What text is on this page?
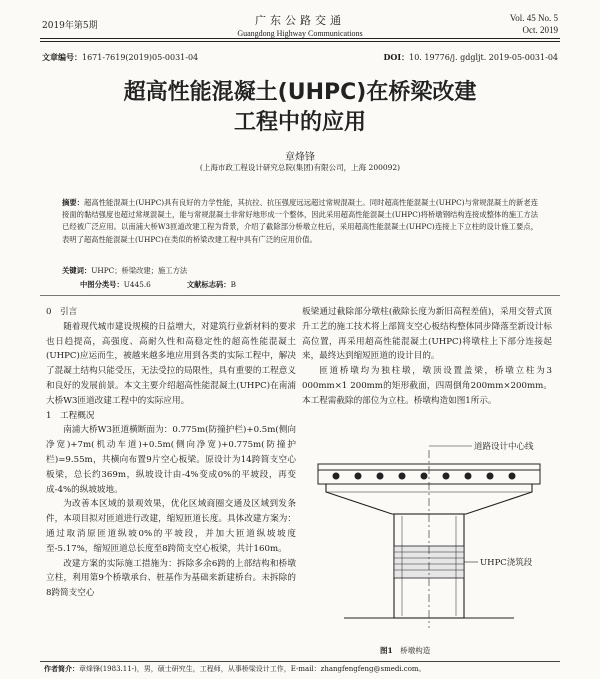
2019年第5期	广东公路交通
Guangdong Highway Communications
Vol. 45 No. 5
Oct. 2019
文章编号：1671-7619(2019)05-0031-04	DOI：10. 19776/j. gdgljt. 2019-05-0031-04
超高性能混凝土(UHPC)在桥梁改建
工程中的应用
章烽锋
(上海市政工程设计研究总院(集团)有限公司，上海 200092)
摘要：超高性能混凝土(UHPC)具有良好的力学性能，其抗拉、抗压强度远远超过常规混凝土。同时超高性能混凝土(UHPC)与常规混凝土的新老连接面的黏结强度也超过常规混凝土，能与常规混凝土非常好地形成一个整体，因此采用超高性能混凝土(UHPC)将桥墩钢结构连接成整体的施工方法已经被广泛应用。以南浦大桥W3匝道改建工程为背景，介绍了截除部分桥墩立柱后，采用超高性能混凝土(UHPC)连接上下立柱的设计施工要点，表明了超高性能混凝土(UHPC)在类似的桥梁改建工程中具有广泛的应用价值。
关键词：UHPC；桥梁改建；施工方法
中图分类号：U445.6	文献标志码：B
0　引言

随着现代城市建设规模的日益增大，对建筑行业新材料的要求也日趋提高，高强度、高耐久性和高稳定性的超高性能混凝土(UHPC)应运而生，被越来越多地应用到各类的实际工程中，解决了混凝土结构只能受压，无法受拉的局限性，具有重要的工程意义和良好的发展前景。本文主要介绍超高性能混凝土(UHPC)在南浦大桥W3匝道改建工程中的实际应用。

1　工程概况

南浦大桥W3匝道横断面为：0.775m(防撞护栏)+0.5m(侧向净宽)+7m(机动车道)+0.5m(侧向净宽)+0.775m(防撞护栏)=9.55m，共横向布置9片空心板梁。原设计为14跨简支空心板梁，总长约369m，纵坡设计由-4%变成0%的平坡段，再变成-4%的纵坡坡地。

为改善本区域的景观效果，优化区域商圈交通及区域到发条件，本项目拟对匝道进行改建，缩短匝道长度。具体改建方案为：通过取消原匝道纵坡0%的平坡段，并加大匝道纵坡坡度至-5.17%，缩短匝道总长度至8跨简支空心板梁，共计160m。

改建方案的实际施工措施为：拆除多余6跨的上部结构和桥墩立柱，利用第9个桥墩承台、桩基作为基础来新建桥台。未拆除的8跨简支空心

板梁通过截除部分墩柱(截除长度为新旧高程差值)，采用交替式顶升工艺的施工技术将上部简支空心板结构整体同步降落至新设计标高位置，再采用超高性能混凝土(UHPC)将墩柱上下部分连接起来，最终达到缩短匝道的设计目的。

匝道桥墩均为独柱墩，墩顶设置盖梁，桥墩立柱为3 000mm×1 200mm的矩形截面，四周倒角200mm×200mm。本工程需截除的部位为立柱。桥墩构造如图1所示。

道路设计中心线
UHPC浇筑段
图1　 桥墩构造
作者简介：章烽锋(1983.11-)，男，硕士研究生，工程师，从事桥梁设计工作，E-mail：zhangfengfeng@smedi.com。
